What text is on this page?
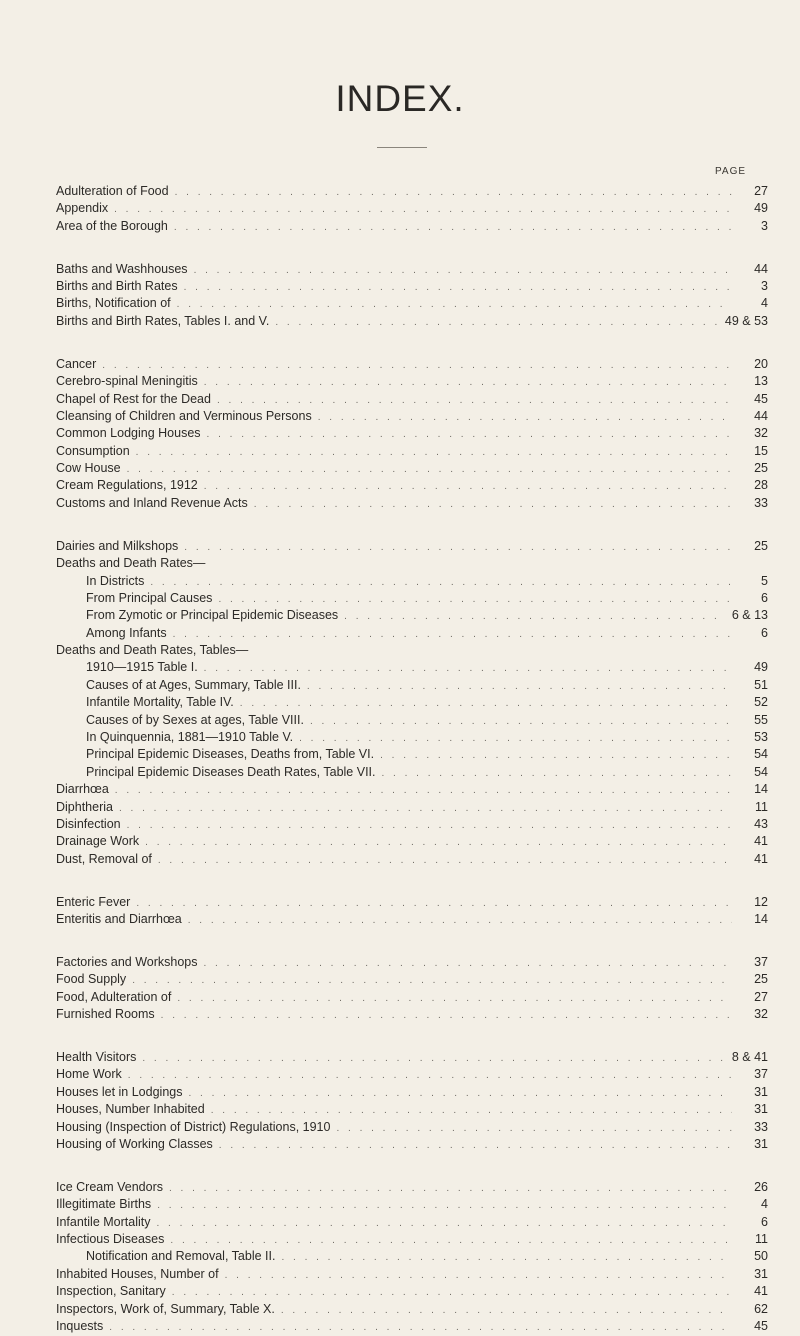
INDEX.
PAGE
Adulteration of Food . . .	27
Appendix . . .	49
Area of the Borough . . .	3
Baths and Washhouses . . .	44
Births and Birth Rates . . .	3
Births, Notification of . . .	4
Births and Birth Rates, Tables I. and V. . . .	49 & 53
Cancer . . .	20
Cerebro-spinal Meningitis . . .	13
Chapel of Rest for the Dead . . .	45
Cleansing of Children and Verminous Persons . . .	44
Common Lodging Houses . . .	32
Consumption . . .	15
Cow House . . .	25
Cream Regulations, 1912 . . .	28
Customs and Inland Revenue Acts . . .	33
Dairies and Milkshops . . .	25
Deaths and Death Rates—
In Districts . . .	5
From Principal Causes . . .	6
From Zymotic or Principal Epidemic Diseases . . .	6 & 13
Among Infants . . .	6
Deaths and Death Rates, Tables—
1910—1915 Table I. . . .	49
Causes of at Ages, Summary, Table III. . . .	51
Infantile Mortality, Table IV. . . .	52
Causes of by Sexes at ages, Table VIII. . . .	55
In Quinquennia, 1881—1910 Table V. . . .	53
Principal Epidemic Diseases, Deaths from, Table VI. . . .	54
Principal Epidemic Diseases Death Rates, Table VII. . . .	54
Diarrhœa . . .	14
Diphtheria . . .	11
Disinfection . . .	43
Drainage Work . . .	41
Dust, Removal of . . .	41
Enteric Fever . . .	12
Enteritis and Diarrhœa . . .	14
Factories and Workshops . . .	37
Food Supply . . .	25
Food, Adulteration of . . .	27
Furnished Rooms . . .	32
Health Visitors . . .	8 & 41
Home Work . . .	37
Houses let in Lodgings . . .	31
Houses, Number Inhabited . . .	31
Housing (Inspection of District) Regulations, 1910 . . .	33
Housing of Working Classes . . .	31
Ice Cream Vendors . . .	26
Illegitimate Births . . .	4
Infantile Mortality . . .	6
Infectious Diseases . . .	11
Notification and Removal, Table II. . . .	50
Inhabited Houses, Number of . . .	31
Inspection, Sanitary . . .	41
Inspectors, Work of, Summary, Table X. . . .	62
Inquests . . .	45
